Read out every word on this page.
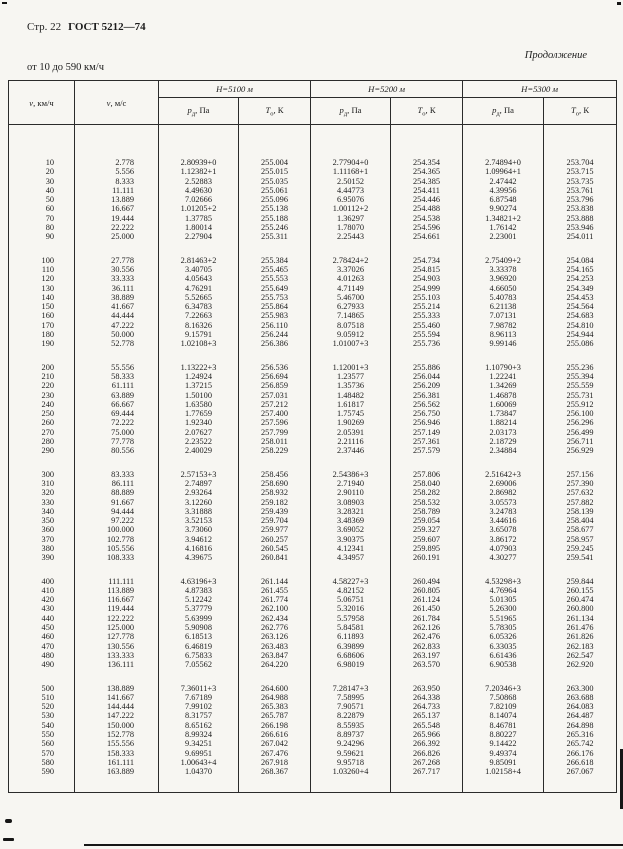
Стр. 22 ГОСТ 5212—74
Продолжение
от 10 до 590 км/ч
v, км/ч	v, м/с	Н=5100 м		Н=5200 м		Н=5300 м	
		$p_д$, Па	$T_о$, К	$p_д$, Па	$T_о$, К	$p_д$, Па	$T_о$, К

10	2.778	2.80939+0	255.004	2.77904+0	254.354	2.74894+0	253.704
20	5.556	1.12382+1	255.015	1.11168+1	254.365	1.09964+1	253.715
30	8.333	2.52883	255.035	2.50152	254.385	2.47442	253.735
40	11.111	4.49630	255.061	4.44773	254.411	4.39956	253.761
50	13.889	7.02666	255.096	6.95076	254.446	6.87548	253.796
60	16.667	1.01205+2	255.138	1.00112+2	254.488	9.90274	253.838
70	19.444	1.37785	255.188	1.36297	254.538	1.34821+2	253.888
80	22.222	1.80014	255.246	1.78070	254.596	1.76142	253.946
90	25.000	2.27904	255.311	2.25443	254.661	2.23001	254.011

100	27.778	2.81463+2	255.384	2.78424+2	254.734	2.75409+2	254.084
110	30.556	3.40705	255.465	3.37026	254.815	3.33378	254.165
120	33.333	4.05643	255.553	4.01263	254.903	3.96920	254.253
130	36.111	4.76291	255.649	4.71149	254.999	4.66050	254.349
140	38.889	5.52665	255.753	5.46700	255.103	5.40783	254.453
150	41.667	6.34783	255.864	6.27933	255.214	6.21138	254.564
160	44.444	7.22663	255.983	7.14865	255.333	7.07131	254.683
170	47.222	8.16326	256.110	8.07518	255.460	7.98782	254.810
180	50.000	9.15791	256.244	9.05912	255.594	8.96113	254.944
190	52.778	1.02108+3	256.386	1.01007+3	255.736	9.99146	255.086

200	55.556	1.13222+3	256.536	1.12001+3	255.886	1.10790+3	255.236
210	58.333	1.24924	256.694	1.23577	256.044	1.22241	255.394
220	61.111	1.37215	256.859	1.35736	256.209	1.34269	255.559
230	63.889	1.50100	257.031	1.48482	256.381	1.46878	255.731
240	66.667	1.63580	257.212	1.61817	256.562	1.60069	255.912
250	69.444	1.77659	257.400	1.75745	256.750	1.73847	256.100
260	72.222	1.92340	257.596	1.90269	256.946	1.88214	256.296
270	75.000	2.07627	257.799	2.05391	257.149	2.03173	256.499
280	77.778	2.23522	258.011	2.21116	257.361	2.18729	256.711
290	80.556	2.40029	258.229	2.37446	257.579	2.34884	256.929

300	83.333	2.57153+3	258.456	2.54386+3	257.806	2.51642+3	257.156
310	86.111	2.74897	258.690	2.71940	258.040	2.69006	257.390
320	88.889	2.93264	258.932	2.90110	258.282	2.86982	257.632
330	91.667	3.12260	259.182	3.08903	258.532	3.05573	257.882
340	94.444	3.31888	259.439	3.28321	258.789	3.24783	258.139
350	97.222	3.52153	259.704	3.48369	259.054	3.44616	258.404
360	100.000	3.73060	259.977	3.69052	259.327	3.65078	258.677
370	102.778	3.94612	260.257	3.90375	259.607	3.86172	258.957
380	105.556	4.16816	260.545	4.12341	259.895	4.07903	259.245
390	108.333	4.39675	260.841	4.34957	260.191	4.30277	259.541

400	111.111	4.63196+3	261.144	4.58227+3	260.494	4.53298+3	259.844
410	113.889	4.87383	261.455	4.82152	260.805	4.76964	260.155
420	116.667	5.12242	261.774	5.06751	261.124	5.01305	260.474
430	119.444	5.37779	262.100	5.32016	261.450	5.26300	260.800
440	122.222	5.63999	262.434	5.57958	261.784	5.51965	261.134
450	125.000	5.90908	262.776	5.84581	262.126	5.78305	261.476
460	127.778	6.18513	263.126	6.11893	262.476	6.05326	261.826
470	130.556	6.46819	263.483	6.39899	262.833	6.33035	262.183
480	133.333	6.75833	263.847	6.68606	263.197	6.61436	262.547
490	136.111	7.05562	264.220	6.98019	263.570	6.90538	262.920

500	138.889	7.36011+3	264.600	7.28147+3	263.950	7.20346+3	263.300
510	141.667	7.67189	264.988	7.58995	264.338	7.50868	263.688
520	144.444	7.99102	265.383	7.90571	264.733	7.82109	264.083
530	147.222	8.31757	265.787	8.22879	265.137	8.14074	264.487
540	150.000	8.65162	266.198	8.55935	265.548	8.46781	264.898
550	152.778	8.99324	266.616	8.89737	265.966	8.80227	265.316
560	155.556	9.34251	267.042	9.24296	266.392	9.14422	265.742
570	158.333	9.69951	267.476	9.59621	266.826	9.49374	266.176
580	161.111	1.00643+4	267.918	9.95718	267.268	9.85091	266.618
590	163.889	1.04370	268.367	1.03260+4	267.717	1.02158+4	267.067
